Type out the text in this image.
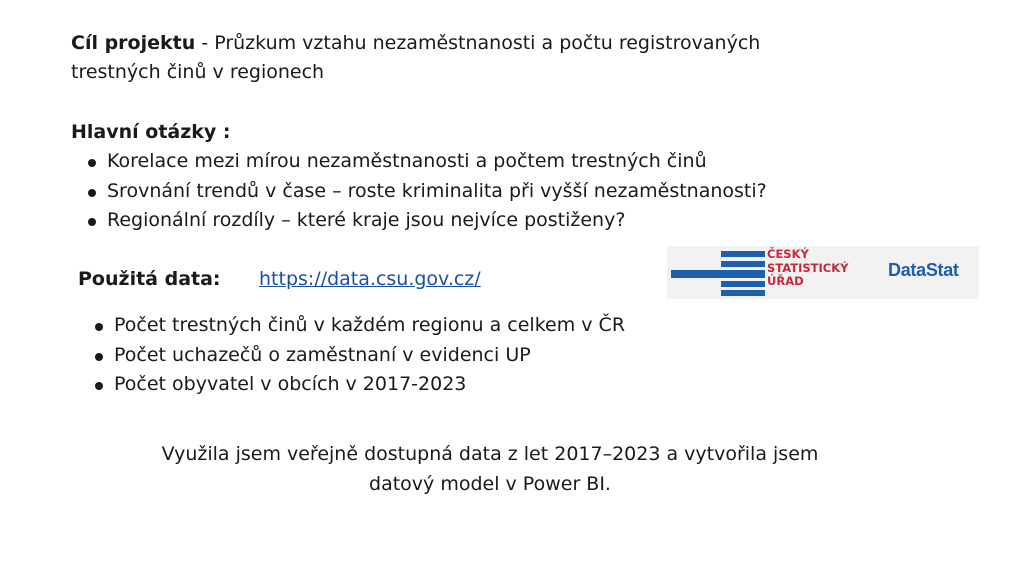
Cíl projektu - Průzkum vztahu nezaměstnanosti a počtu registrovaných trestných činů v regionech
Hlavní otázky :
Korelace mezi mírou nezaměstnanosti a počtem trestných činů
Srovnání trendů v čase – roste kriminalita při vyšší nezaměstnanosti?
Regionální rozdíly – které kraje jsou nejvíce postiženy?
Použitá data: https://data.csu.gov.cz/
ČESKÝ
STATISTICKÝ
ÚŘAD
DataStat
Počet trestných činů v každém regionu a celkem v ČR
Počet uchazečů o zaměstnaní v evidenci UP
Počet obyvatel v obcích v 2017-2023
Využila jsem veřejně dostupná data z let 2017–2023 a vytvořila jsem datový model v Power BI.
